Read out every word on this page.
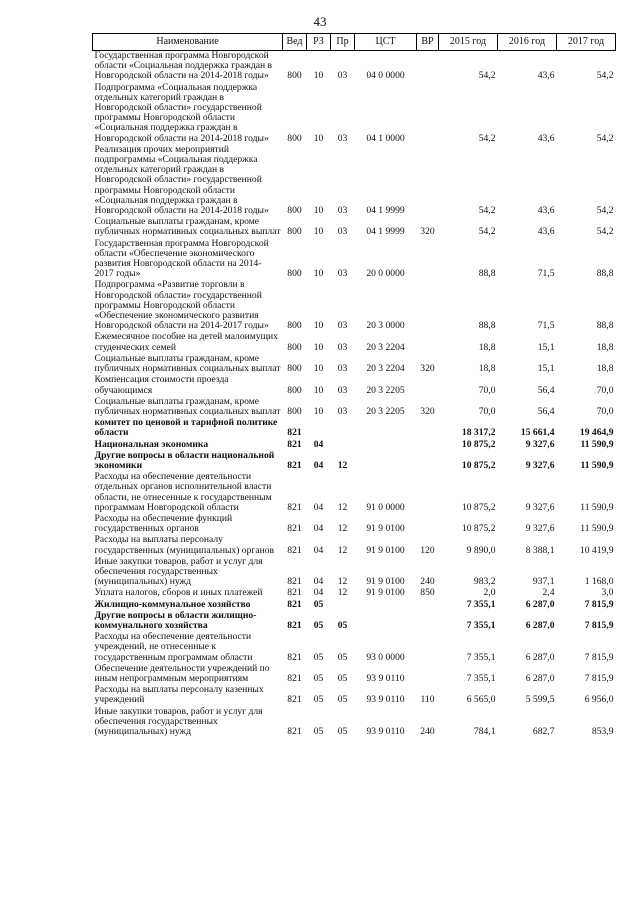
43
Наименование	Вед	РЗ	Пр	ЦСТ	ВР	2015 год	2016 год	2017 год
Государственная программа Новгородской области «Социальная поддержка граждан в Новгородской области на 2014-2018 годы»	800	10	03	04 0 0000		54,2	43,6	54,2
Подпрограмма «Социальная поддержка отдельных категорий граждан в Новгородской области» государственной программы Новгородской области «Социальная поддержка граждан в Новгородской области на 2014-2018 годы»	800	10	03	04 1 0000		54,2	43,6	54,2
Реализация прочих мероприятий подпрограммы «Социальная поддержка отдельных категорий граждан в Новгородской области» государственной программы Новгородской области «Социальная поддержка граждан в Новгородской области на 2014-2018 годы»	800	10	03	04 1 9999		54,2	43,6	54,2
Социальные выплаты гражданам, кроме публичных нормативных социальных выплат	800	10	03	04 1 9999	320	54,2	43,6	54,2
Государственная программа Новгородской области «Обеспечение экономического развития Новгородской области на 2014-2017 годы»	800	10	03	20 0 0000		88,8	71,5	88,8
Подпрограмма «Развитие торговли в Новгородской области» государственной программы Новгородской области «Обеспечение экономического развития Новгородской области на 2014-2017 годы»	800	10	03	20 3 0000		88,8	71,5	88,8
Ежемесячное пособие на детей малоимущих студенческих семей	800	10	03	20 3 2204		18,8	15,1	18,8
Социальные выплаты гражданам, кроме публичных нормативных социальных выплат	800	10	03	20 3 2204	320	18,8	15,1	18,8
Компенсация стоимости проезда обучающимся	800	10	03	20 3 2205		70,0	56,4	70,0
Социальные выплаты гражданам, кроме публичных нормативных социальных выплат	800	10	03	20 3 2205	320	70,0	56,4	70,0
комитет по ценовой и тарифной политике области	821					18 317,2	15 661,4	19 464,9
Национальная экономика	821	04				10 875,2	9 327,6	11 590,9
Другие вопросы в области национальной экономики	821	04	12			10 875,2	9 327,6	11 590,9
Расходы на обеспечение деятельности отдельных органов исполнительной власти области, не отнесенные к государственным программам Новгородской области	821	04	12	91 0 0000		10 875,2	9 327,6	11 590,9
Расходы на обеспечение функций государственных органов	821	04	12	91 9 0100		10 875,2	9 327,6	11 590,9
Расходы на выплаты персоналу государственных (муниципальных) органов	821	04	12	91 9 0100	120	9 890,0	8 388,1	10 419,9
Иные закупки товаров, работ и услуг для обеспечения государственных (муниципальных) нужд	821	04	12	91 9 0100	240	983,2	937,1	1 168,0
Уплата налогов, сборов и иных платежей	821	04	12	91 9 0100	850	2,0	2,4	3,0
Жилищно-коммунальное хозяйство	821	05				7 355,1	6 287,0	7 815,9
Другие вопросы в области жилищно-коммунального хозяйства	821	05	05			7 355,1	6 287,0	7 815,9
Расходы на обеспечение деятельности учреждений, не отнесенные к государственным программам области	821	05	05	93 0 0000		7 355,1	6 287,0	7 815,9
Обеспечение деятельности учреждений по иным непрограммным мероприятиям	821	05	05	93 9 0110		7 355,1	6 287,0	7 815,9
Расходы на выплаты персоналу казенных учреждений	821	05	05	93 9 0110	110	6 565,0	5 599,5	6 956,0
Иные закупки товаров, работ и услуг для обеспечения государственных (муниципальных) нужд	821	05	05	93 9 0110	240	784,1	682,7	853,9
